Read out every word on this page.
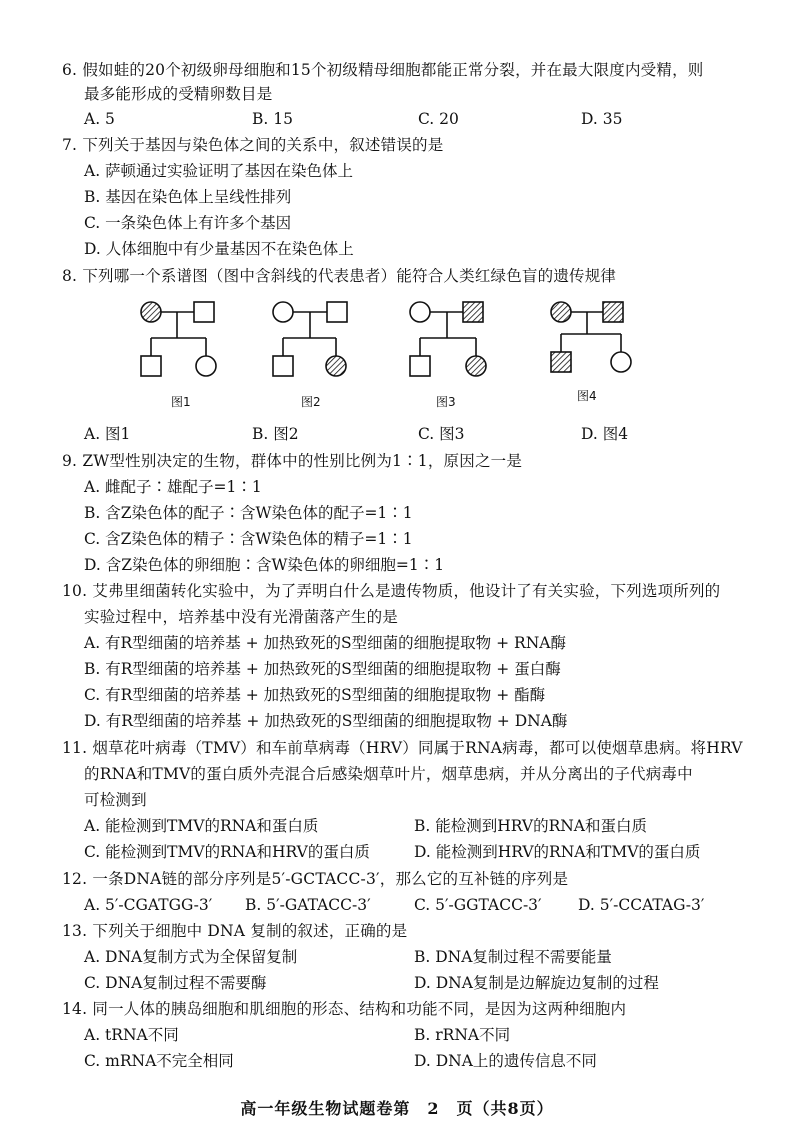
6. 假如蛙的20个初级卵母细胞和15个初级精母细胞都能正常分裂，并在最大限度内受精，则
最多能形成的受精卵数目是
A. 5	B. 15	C. 20	D. 35
7. 下列关于基因与染色体之间的关系中，叙述错误的是
A. 萨顿通过实验证明了基因在染色体上
B. 基因在染色体上呈线性排列
C. 一条染色体上有许多个基因
D. 人体细胞中有少量基因不在染色体上
8. 下列哪一个系谱图（图中含斜线的代表患者）能符合人类红绿色盲的遗传规律
图1	图2	图3	图4
A. 图1	B. 图2	C. 图3	D. 图4
9. ZW型性别决定的生物，群体中的性别比例为1∶1，原因之一是
A. 雌配子∶雄配子=1∶1
B. 含Z染色体的配子∶含W染色体的配子=1∶1
C. 含Z染色体的精子∶含W染色体的精子=1∶1
D. 含Z染色体的卵细胞∶含W染色体的卵细胞=1∶1
10. 艾弗里细菌转化实验中，为了弄明白什么是遗传物质，他设计了有关实验，下列选项所列的
实验过程中，培养基中没有光滑菌落产生的是
A. 有R型细菌的培养基 + 加热致死的S型细菌的细胞提取物 + RNA酶
B. 有R型细菌的培养基 + 加热致死的S型细菌的细胞提取物 + 蛋白酶
C. 有R型细菌的培养基 + 加热致死的S型细菌的细胞提取物 + 酯酶
D. 有R型细菌的培养基 + 加热致死的S型细菌的细胞提取物 + DNA酶
11. 烟草花叶病毒（TMV）和车前草病毒（HRV）同属于RNA病毒，都可以使烟草患病。将HRV
的RNA和TMV的蛋白质外壳混合后感染烟草叶片，烟草患病，并从分离出的子代病毒中
可检测到
A. 能检测到TMV的RNA和蛋白质	B. 能检测到HRV的RNA和蛋白质
C. 能检测到TMV的RNA和HRV的蛋白质	D. 能检测到HRV的RNA和TMV的蛋白质
12. 一条DNA链的部分序列是5′-GCTACC-3′，那么它的互补链的序列是
A. 5′-CGATGG-3′ B. 5′-GATACC-3′	C. 5′-GGTACC-3′ D. 5′-CCATAG-3′
13. 下列关于细胞中 DNA 复制的叙述，正确的是
A. DNA复制方式为全保留复制	B. DNA复制过程不需要能量
C. DNA复制过程不需要酶	D. DNA复制是边解旋边复制的过程
14. 同一人体的胰岛细胞和肌细胞的形态、结构和功能不同，是因为这两种细胞内
A. tRNA不同	B. rRNA不同
C. mRNA不完全相同	D. DNA上的遗传信息不同
高一年级生物试题卷第　2　页（共8页）
